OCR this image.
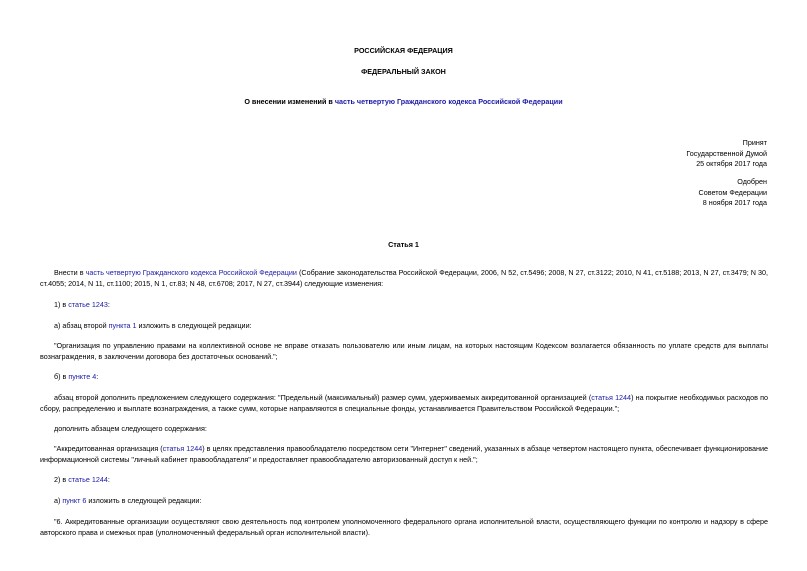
РОССИЙСКАЯ ФЕДЕРАЦИЯ
ФЕДЕРАЛЬНЫЙ ЗАКОН
О внесении изменений в часть четвертую Гражданского кодекса Российской Федерации
Принят
Государственной Думой
25 октября 2017 года
Одобрен
Советом Федерации
8 ноября 2017 года
Статья 1
Внести в часть четвертую Гражданского кодекса Российской Федерации (Собрание законодательства Российской Федерации, 2006, N 52, ст.5496; 2008, N 27, ст.3122; 2010, N 41, ст.5188; 2013, N 27, ст.3479; N 30, ст.4055; 2014, N 11, ст.1100; 2015, N 1, ст.83; N 48, ст.6708; 2017, N 27, ст.3944) следующие изменения:
1) в статье 1243:
а) абзац второй пункта 1 изложить в следующей редакции:
"Организация по управлению правами на коллективной основе не вправе отказать пользователю или иным лицам, на которых настоящим Кодексом возлагается обязанность по уплате средств для выплаты вознаграждения, в заключении договора без достаточных оснований.";
б) в пункте 4:
абзац второй дополнить предложением следующего содержания: "Предельный (максимальный) размер сумм, удерживаемых аккредитованной организацией (статья 1244) на покрытие необходимых расходов по сбору, распределению и выплате вознаграждения, а также сумм, которые направляются в специальные фонды, устанавливается Правительством Российской Федерации.";
дополнить абзацем следующего содержания:
"Аккредитованная организация (статья 1244) в целях представления правообладателю посредством сети "Интернет" сведений, указанных в абзаце четвертом настоящего пункта, обеспечивает функционирование информационной системы "личный кабинет правообладателя" и предоставляет правообладателю авторизованный доступ к ней.";
2) в статье 1244:
а) пункт 6 изложить в следующей редакции:
"6. Аккредитованные организации осуществляют свою деятельность под контролем уполномоченного федерального органа исполнительной власти, осуществляющего функции по контролю и надзору в сфере авторского права и смежных прав (уполномоченный федеральный орган исполнительной власти).
